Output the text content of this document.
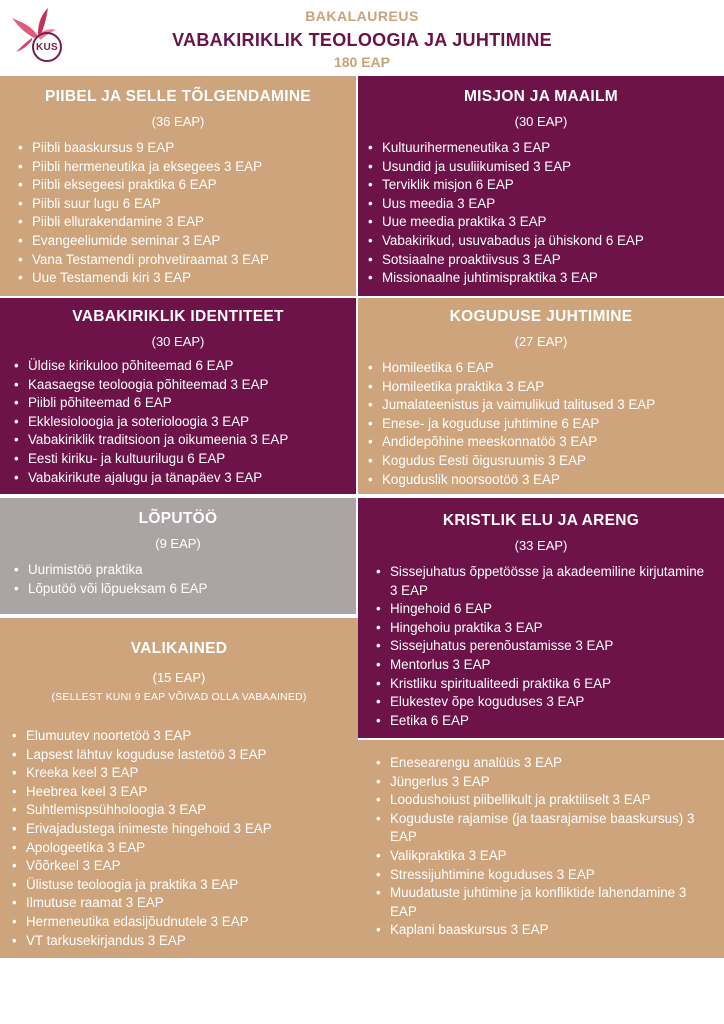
KUS
BAKALAUREUS
VABAKIRIKLIK TEOLOOGIA JA JUHTIMINE
180 EAP
PIIBEL JA SELLE TÕLGENDAMINE
(36 EAP)
• Piibli baaskursus 9 EAP
• Piibli hermeneutika ja eksegees 3 EAP
• Piibli eksegeesi praktika 6 EAP
• Piibli suur lugu 6 EAP
• Piibli ellurakendamine 3 EAP
• Evangeeliumide seminar 3 EAP
• Vana Testamendi prohvetiraamat 3 EAP
• Uue Testamendi kiri 3 EAP
MISJON JA MAAILM
(30 EAP)
• Kultuurihermeneutika 3 EAP
• Usundid ja usuliikumised 3 EAP
• Terviklik misjon 6 EAP
• Uus meedia 3 EAP
• Uue meedia praktika 3 EAP
• Vabakirikud, usuvabadus ja ühiskond 6 EAP
• Sotsiaalne proaktiivsus 3 EAP
• Missionaalne juhtimispraktika 3 EAP
VABAKIRIKLIK IDENTITEET
(30 EAP)
• Üldise kirikuloo põhiteemad 6 EAP
• Kaasaegse teoloogia põhiteemad 3 EAP
• Piibli põhiteemad 6 EAP
• Ekklesioloogia ja soterioloogia 3 EAP
• Vabakiriklik traditsioon ja oikumeenia 3 EAP
• Eesti kiriku- ja kultuurilugu 6 EAP
• Vabakirikute ajalugu ja tänapäev 3 EAP
KOGUDUSE JUHTIMINE
(27 EAP)
• Homileetika 6 EAP
• Homileetika praktika 3 EAP
• Jumalateenistus ja vaimulikud talitused 3 EAP
• Enese- ja koguduse juhtimine 6 EAP
• Andidepõhine meeskonnatöö 3 EAP
• Kogudus Eesti õigusruumis 3 EAP
• Koguduslik noorsootöö 3 EAP
LÕPUTÖÖ
(9 EAP)
• Uurimistöö praktika
• Lõputöö või lõpueksam 6 EAP
KRISTLIK ELU JA ARENG
(33 EAP)
• Sissejuhatus õppetöösse ja akadeemiline kirjutamine 3 EAP
• Hingehoid 6 EAP
• Hingehoiu praktika 3 EAP
• Sissejuhatus perenõustamisse 3 EAP
• Mentorlus 3 EAP
• Kristliku spiritualiteedi praktika 6 EAP
• Elukestev õpe koguduses 3 EAP
• Eetika 6 EAP
VALIKAINED
(15 EAP)
(SELLEST KUNI 9 EAP VÕIVAD OLLA VABAAINED)
• Elumuutev noortetöö 3 EAP
• Lapsest lähtuv koguduse lastetöö 3 EAP
• Kreeka keel 3 EAP
• Heebrea keel 3 EAP
• Suhtlemispsühholoogia 3 EAP
• Erivajadustega inimeste hingehoid 3 EAP
• Apologeetika 3 EAP
• Võõrkeel 3 EAP
• Ülistuse teoloogia ja praktika 3 EAP
• Ilmutuse raamat 3 EAP
• Hermeneutika edasijõudnutele 3 EAP
• VT tarkusekirjandus 3 EAP
• Enesearengu analüüs 3 EAP
• Jüngerlus 3 EAP
• Loodushoiust piibellikult ja praktiliselt 3 EAP
• Koguduste rajamise (ja taasrajamise baaskursus) 3 EAP
• Valikpraktika 3 EAP
• Stressijuhtimine koguduses 3 EAP
• Muudatuste juhtimine ja konfliktide lahendamine 3 EAP
• Kaplani baaskursus 3 EAP
